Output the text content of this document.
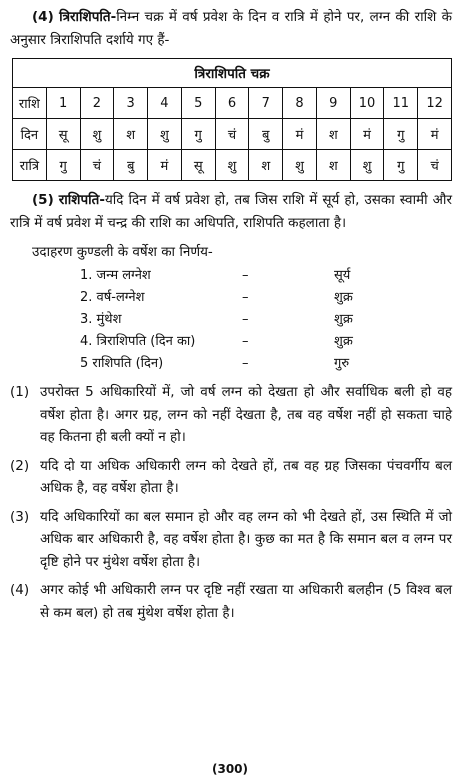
(4) त्रिराशिपति-निम्न चक्र में वर्ष प्रवेश के दिन व रात्रि में होने पर, लग्न की राशि के अनुसार त्रिराशिपति दर्शाये गए हैं-
त्रिराशिपति चक्र												
राशि	1	2	3	4	5	6	7	8	9	10	11	12
दिन	सू	शु	श	शु	गु	चं	बु	मं	श	मं	गु	मं
रात्रि	गु	चं	बु	मं	सू	शु	श	शु	श	शु	गु	चं
(5) राशिपति-यदि दिन में वर्ष प्रवेश हो, तब जिस राशि में सूर्य हो, उसका स्वामी और रात्रि में वर्ष प्रवेश में चन्द्र की राशि का अधिपति, राशिपति कहलाता है।
उदाहरण कुण्डली के वर्षेश का निर्णय-
1. जन्म लग्नेश	–	सूर्य
2. वर्ष-लग्नेश	–	शुक्र
3. मुंथेश	–	शुक्र
4. त्रिराशिपति (दिन का)	–	शुक्र
5 राशिपति (दिन)	–	गुरु
(1) उपरोक्त 5 अधिकारियों में, जो वर्ष लग्न को देखता हो और सर्वाधिक बली हो वह वर्षेश होता है। अगर ग्रह, लग्न को नहीं देखता है, तब वह वर्षेश नहीं हो सकता चाहे वह कितना ही बली क्यों न हो।
(2) यदि दो या अधिक अधिकारी लग्न को देखते हों, तब वह ग्रह जिसका पंचवर्गीय बल अधिक है, वह वर्षेश होता है।
(3) यदि अधिकारियों का बल समान हो और वह लग्न को भी देखते हों, उस स्थिति में जो अधिक बार अधिकारी है, वह वर्षेश होता है। कुछ का मत है कि समान बल व लग्न पर दृष्टि होने पर मुंथेश वर्षेश होता है।
(4) अगर कोई भी अधिकारी लग्न पर दृष्टि नहीं रखता या अधिकारी बलहीन (5 विश्व बल से कम बल) हो तब मुंथेश वर्षेश होता है।
(300)
